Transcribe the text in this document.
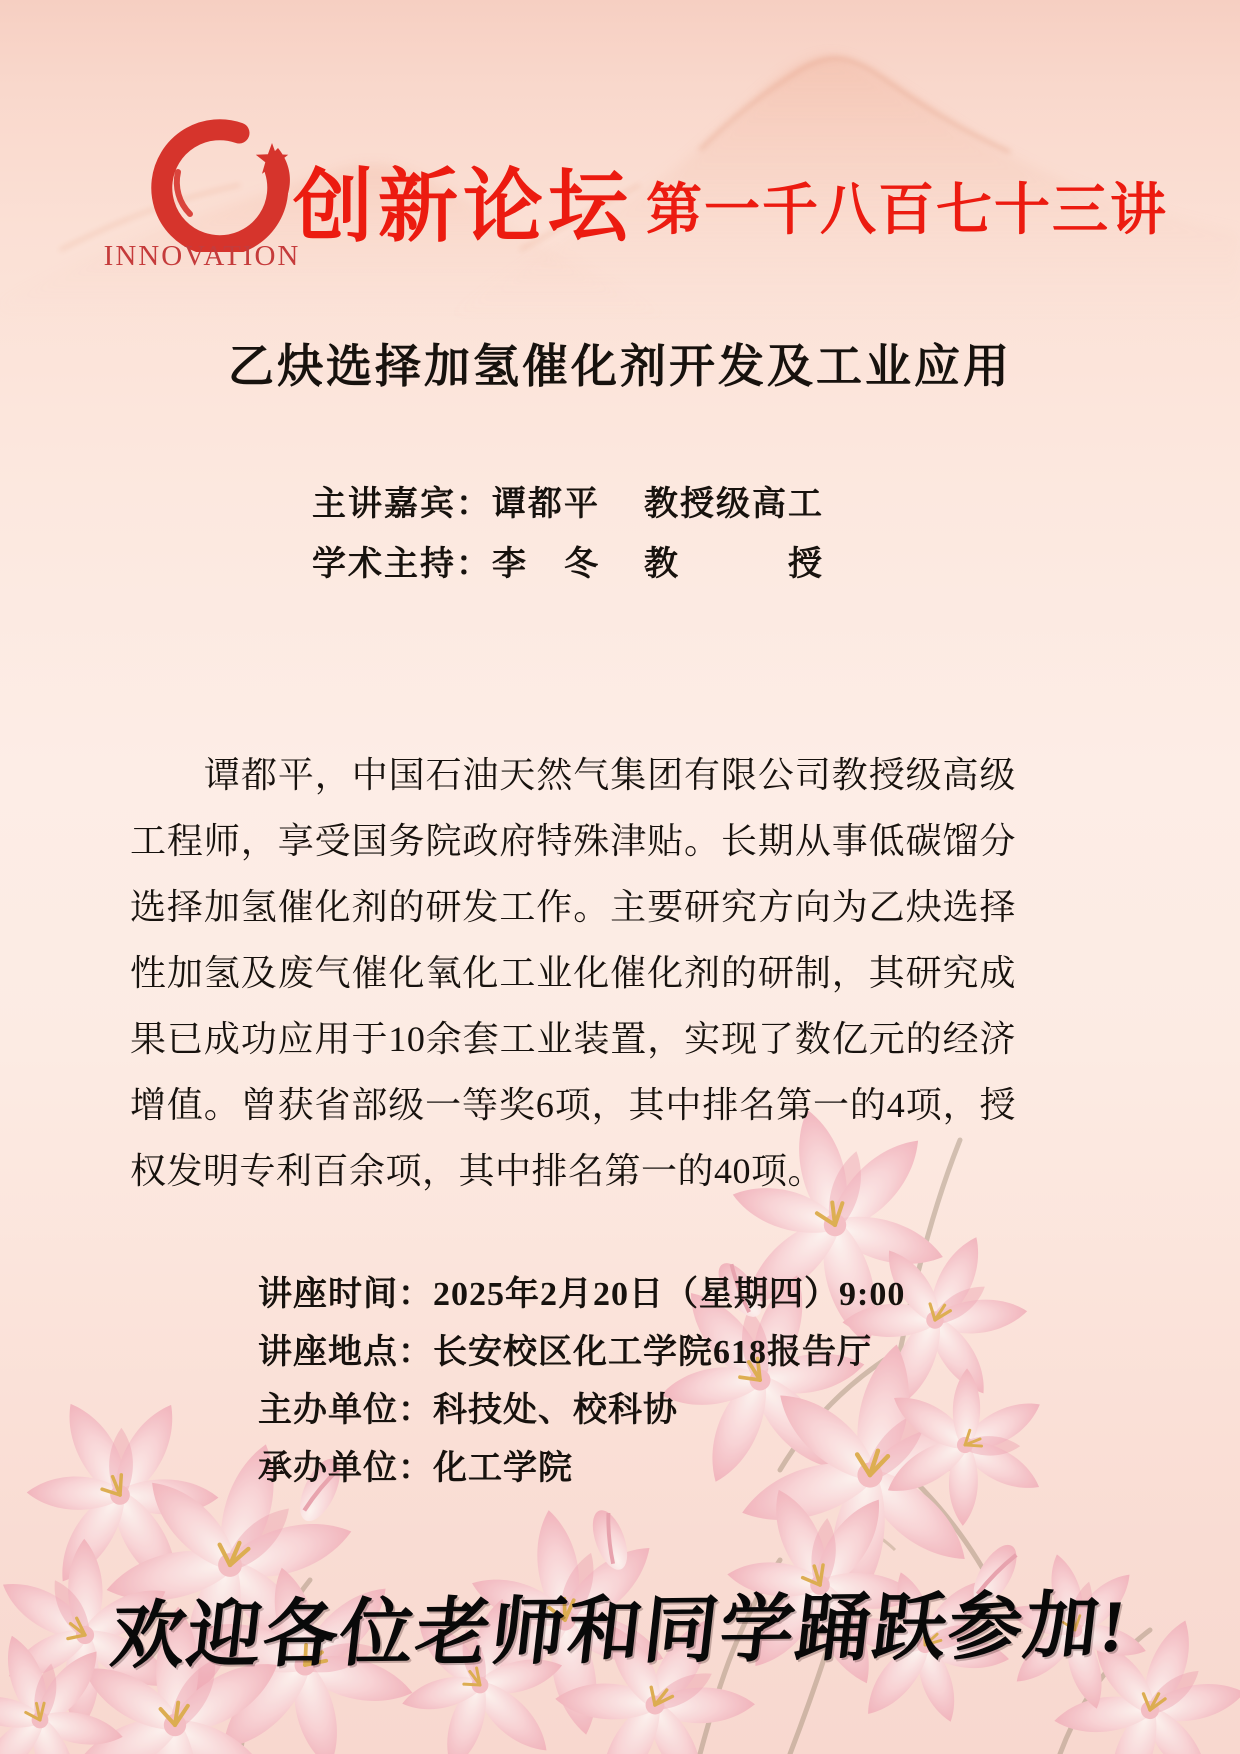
INNOVATION
创新论坛 第一千八百七十三讲
乙炔选择加氢催化剂开发及工业应用
主讲嘉宾：谭都平 教授级高工
学术主持：李　冬 教　　　授

谭都平，中国石油天然气集团有限公司教授级高级工程师，享受国务院政府特殊津贴。长期从事低碳馏分选择加氢催化剂的研发工作。主要研究方向为乙炔选择性加氢及废气催化氧化工业化催化剂的研制，其研究成果已成功应用于10余套工业装置，实现了数亿元的经济增值。曾获省部级一等奖6项，其中排名第一的4项，授权发明专利百余项，其中排名第一的40项。

讲座时间：2025年2月20日（星期四）9:00
讲座地点：长安校区化工学院618报告厅
主办单位：科技处、校科协
承办单位：化工学院
欢迎各位老师和同学踊跃参加!
